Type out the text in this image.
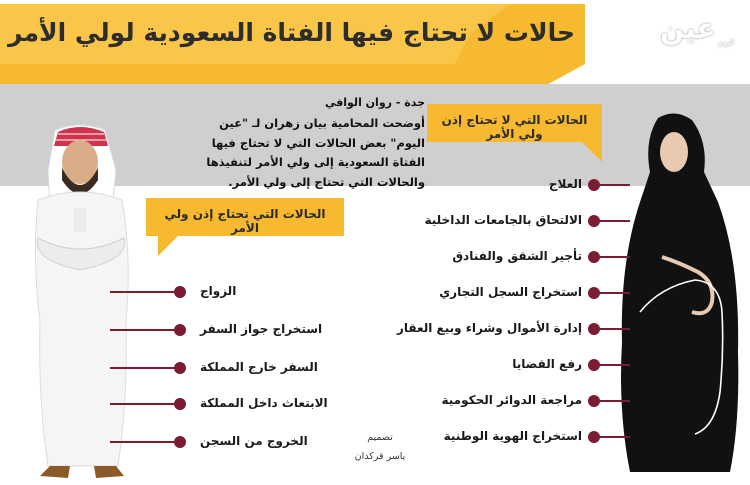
حالات لا تحتاج فيها الفتاة السعودية لولي الأمر	عين اليوم
جدة - روان الوافي
أوضحت المحامية بيان زهران لـ "عين اليوم" بعض الحالات التي لا تحتاج فيها الفتاة السعودية إلى ولي الأمر لتنفيذها والحالات التي تحتاج إلى ولي الأمر.
الحالات التي لا تحتاج إذن ولي الأمر
الحالات التي تحتاج إذن ولي الأمر
العلاج
الالتحاق بالجامعات الداخلية
تأجير الشقق والفنادق
استخراج السجل التجاري
إدارة الأموال وشراء وبيع العقار
رفع القضايا
مراجعة الدوائر الحكومية
استخراج الهوية الوطنية
الزواج
استخراج جواز السفر
السفر خارج المملكة
الابتعاث داخل المملكة
الخروج من السجن	تصميم
ياسر قركدان
